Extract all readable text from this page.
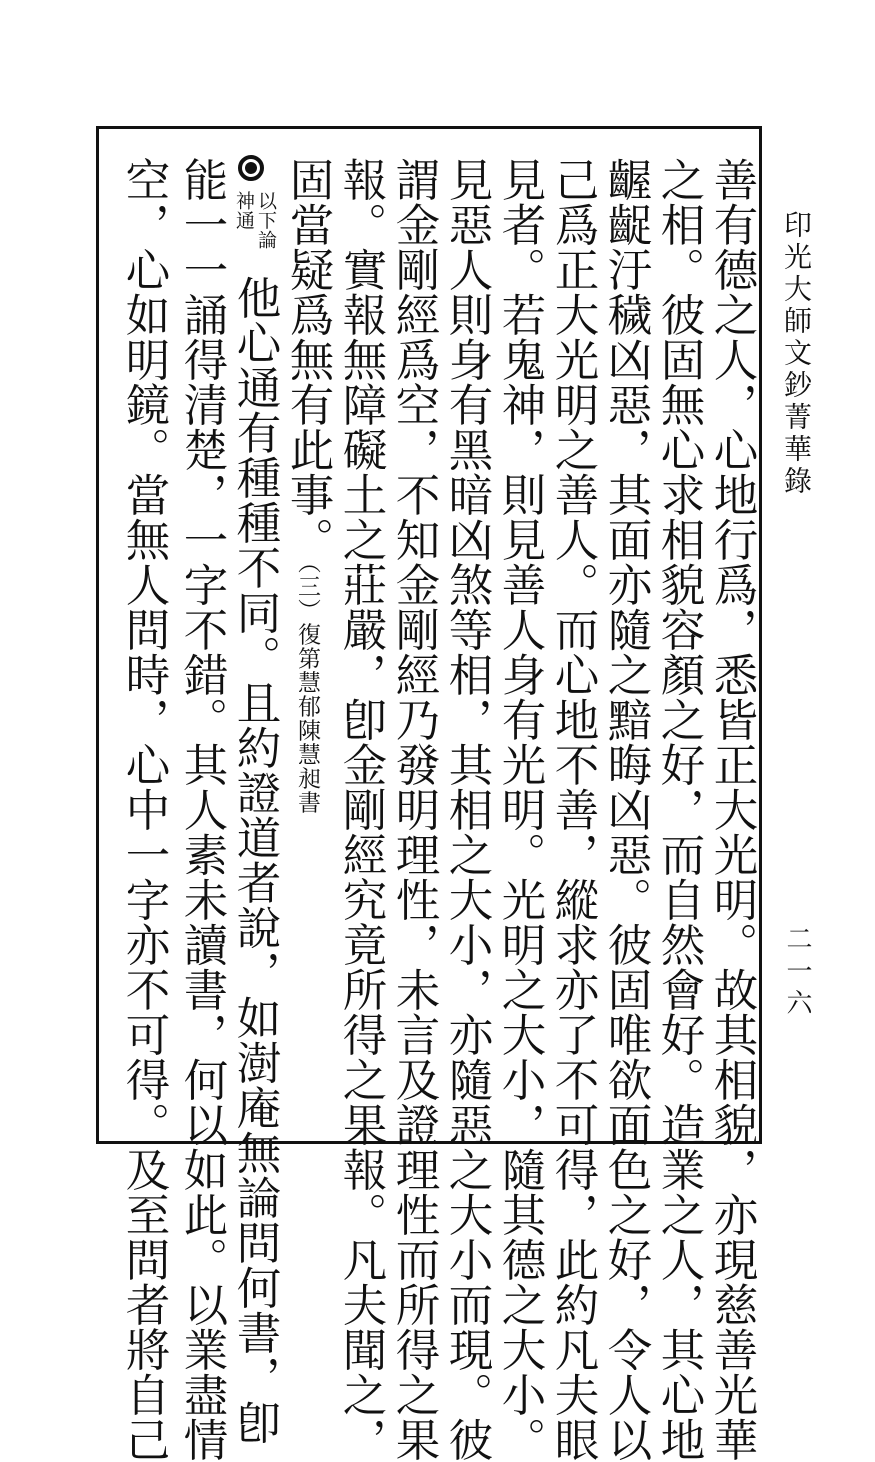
印光大師文鈔菁華錄
二一六
善有德之人，心地行爲，悉皆正大光明。故其相貌，亦現慈善光華
之相。彼固無心求相貌容顏之好，而自然會好。造業之人，其心地
齷齪汙穢凶惡，其面亦隨之黯晦凶惡。彼固唯欲面色之好，令人以
己爲正大光明之善人。而心地不善，縱求亦了不可得，此約凡夫眼
見者。若鬼神，則見善人身有光明。光明之大小，隨其德之大小。
見惡人則身有黑暗凶煞等相，其相之大小，亦隨惡之大小而現。彼
謂金剛經爲空，不知金剛經乃發明理性，未言及證理性而所得之果
報。實報無障礙土之莊嚴，卽金剛經究竟所得之果報。凡夫聞之，
固當疑爲無有此事。（三）復第慧郁陳慧昶書
以下論
神通
他心通有種種不同。且約證道者說，如澍庵無論問何書，卽
能一一誦得清楚，一字不錯。其人素未讀書，何以如此。以業盡情
空，心如明鏡。當無人問時，心中一字亦不可得。及至問者將自己
